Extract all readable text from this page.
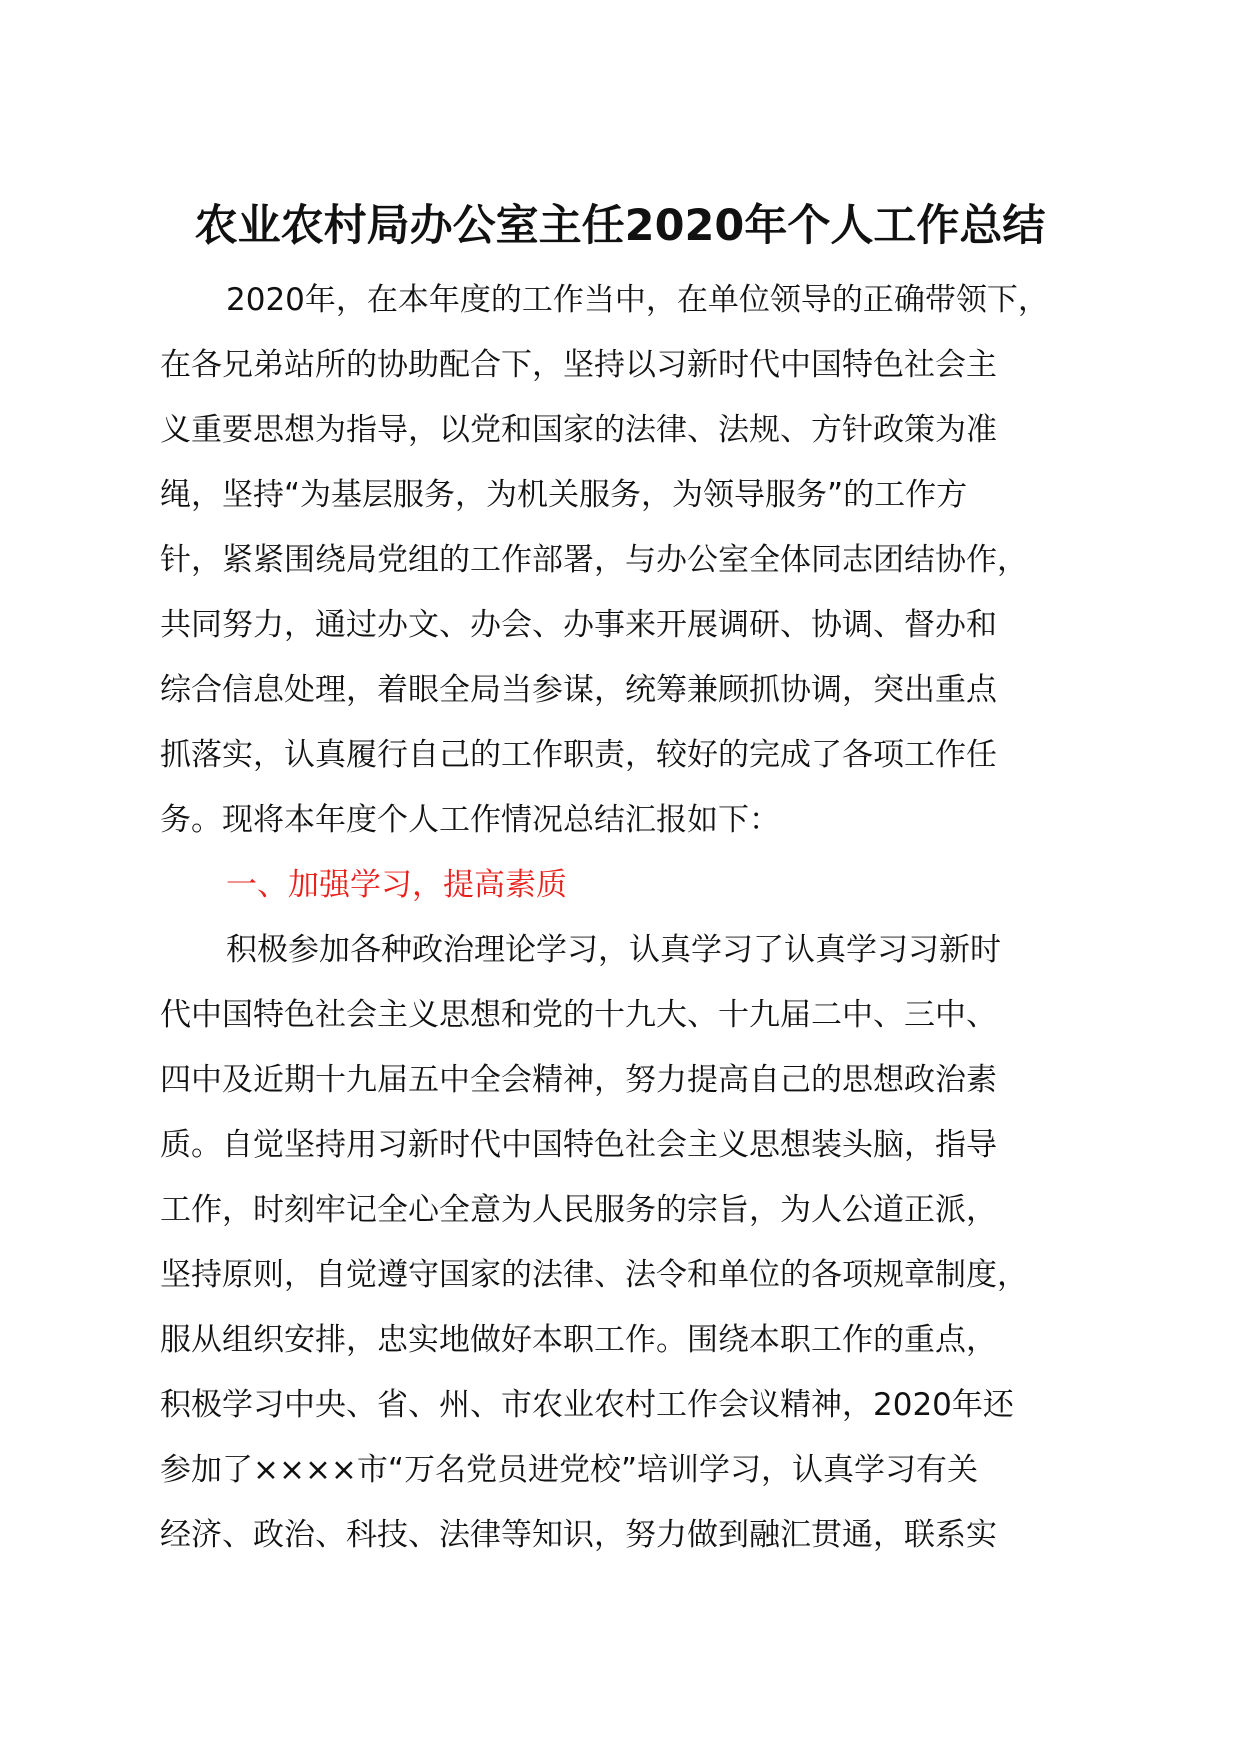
农业农村局办公室主任2020年个人工作总结
2020年，在本年度的工作当中，在单位领导的正确带领下，
在各兄弟站所的协助配合下，坚持以习新时代中国特色社会主
义重要思想为指导，以党和国家的法律、法规、方针政策为准
绳，坚持“为基层服务，为机关服务，为领导服务”的工作方
针，紧紧围绕局党组的工作部署，与办公室全体同志团结协作，
共同努力，通过办文、办会、办事来开展调研、协调、督办和
综合信息处理，着眼全局当参谋，统筹兼顾抓协调，突出重点
抓落实，认真履行自己的工作职责，较好的完成了各项工作任
务。现将本年度个人工作情况总结汇报如下：
一、加强学习，提高素质
积极参加各种政治理论学习，认真学习了认真学习习新时
代中国特色社会主义思想和党的十九大、十九届二中、三中、
四中及近期十九届五中全会精神，努力提高自己的思想政治素
质。自觉坚持用习新时代中国特色社会主义思想装头脑，指导
工作，时刻牢记全心全意为人民服务的宗旨，为人公道正派，
坚持原则，自觉遵守国家的法律、法令和单位的各项规章制度，
服从组织安排，忠实地做好本职工作。围绕本职工作的重点，
积极学习中央、省、州、市农业农村工作会议精神，2020年还
参加了××××市“万名党员进党校”培训学习，认真学习有关
经济、政治、科技、法律等知识，努力做到融汇贯通，联系实
